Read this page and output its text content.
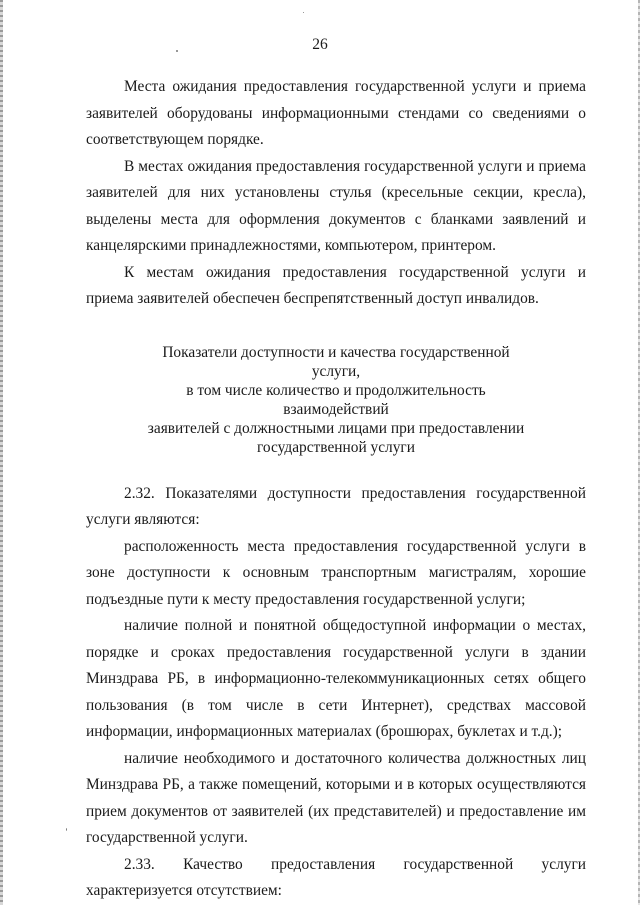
26

Места ожидания предоставления государственной услуги и приема заявителей оборудованы информационными стендами со сведениями о соответствующем порядке.

В местах ожидания предоставления государственной услуги и приема заявителей для них установлены стулья (кресельные секции, кресла), выделены места для оформления документов с бланками заявлений и канцелярскими принадлежностями, компьютером, принтером.

К местам ожидания предоставления государственной услуги и приема заявителей обеспечен беспрепятственный доступ инвалидов.

Показатели доступности и качества государственной услуги,
в том числе количество и продолжительность взаимодействий
заявителей с должностными лицами при предоставлении
государственной услуги

2.32. Показателями доступности предоставления государственной услуги являются:

расположенность места предоставления государственной услуги в зоне доступности к основным транспортным магистралям, хорошие подъездные пути к месту предоставления государственной услуги;

наличие полной и понятной общедоступной информации о местах, порядке и сроках предоставления государственной услуги в здании Минздрава РБ, в информационно-телекоммуникационных сетях общего пользования (в том числе в сети Интернет), средствах массовой информации, информационных материалах (брошюрах, буклетах и т.д.);

наличие необходимого и достаточного количества должностных лиц Минздрава РБ, а также помещений, которыми и в которых осуществляются прием документов от заявителей (их представителей) и предоставление им государственной услуги.

2.33. Качество предоставления государственной услуги характеризуется отсутствием:
